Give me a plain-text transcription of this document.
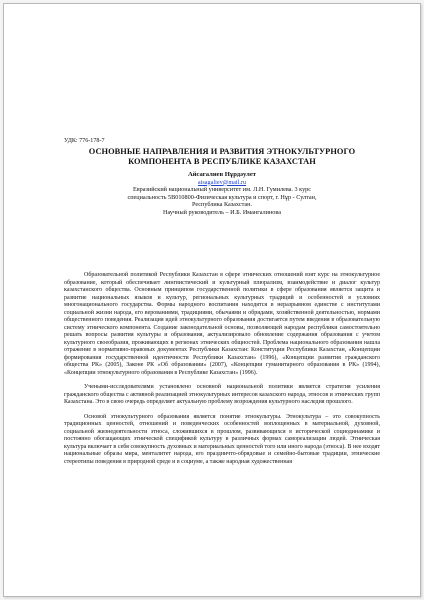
УДК: 776-178-7
ОСНОВНЫЕ НАПРАВЛЕНИЯ И РАЗВИТИЯ ЭТНОКУЛЬТУРНОГО
КОМПОНЕНТА В РЕСПУБЛИКЕ КАЗАХСТАН
Айсагалиев Нұрдәулет
aisagaliev@mail.ru
Евразийский национальный университет им. Л.Н. Гумилева. 3 курс
специальность 5B010800-Физическая культура и спорт, г. Нұр - Султан,
Республика Казахстан.
Научный руководитель – И.Б. Имангалинова

Образовательной политикой Республики Казахстан в сфере этнических отношений взят курс на этнокультурное образование, который обеспечивает лингвистический и культурный плюрализм, взаимодействие и диалог культур казахстанского общества. Основным принципом государственной политики в сфере образования является защита и развитие национальных языков и культур, региональных культурных традиций и особенностей в условиях многонационального государства. Формы народного воспитания находятся в неразрывном единстве с институтами социальной жизни народа, его верованиями, традициями, обычаями и обрядами, хозяйственной деятельностью, нормами общественного поведения. Реализация идей этнокультурного образования достигается путем введения в образовательную систему этнического компонента. Создание законодательной основы, позволяющей народам республики самостоятельно решать вопросы развития культуры и образования, актуализировало обновление содержания образования с учетом культурного своеобразия, проживающих в регионах этнических общностей. Проблема национального образования нашла отражение в нормативно-правовых документах Республики Казахстан: Конституции Республики Казахстан, «Концепции формирования государственной идентичности Республики Казахстан» (1996), «Концепции развития гражданского общества РК» (2005), Законе РК «Об образовании» (2007), «Концепции гуманитарного образования в РК» (1994), «Концепции этнокультурного образования в Республике Казахстан» (1996).

Учеными-исследователями установлено основной национальной политики является стратегия усиления гражданского общества с активной реализацией этнокультурных интересов казахского народа, этносов и этнических групп Казахстана. Это в свою очередь определяет актуальную проблему возрождения культурного наследия прошлого.

Основой этнокультурного образования является понятие этнокультуры. Этнокультура – это совокупность традиционных ценностей, отношений и поведенческих особенностей воплощенных в материальной, духовной, социальной жизнедеятельности этноса, сложившихся в прошлом, развивающихся в исторической социодинамике и постоянно обогащающих этнической спецификой культуру в различных формах самореализации людей. Этническая культура включает в себя совокупность духовных и материальных ценностей того или иного народа (этноса). В нее входят национальные образы мира, менталитет народа, его праздничто-обрядовые и семейно-бытовые традиции, этнические стереотипы поведения в природной среде и в социуме, а также народная художественная
